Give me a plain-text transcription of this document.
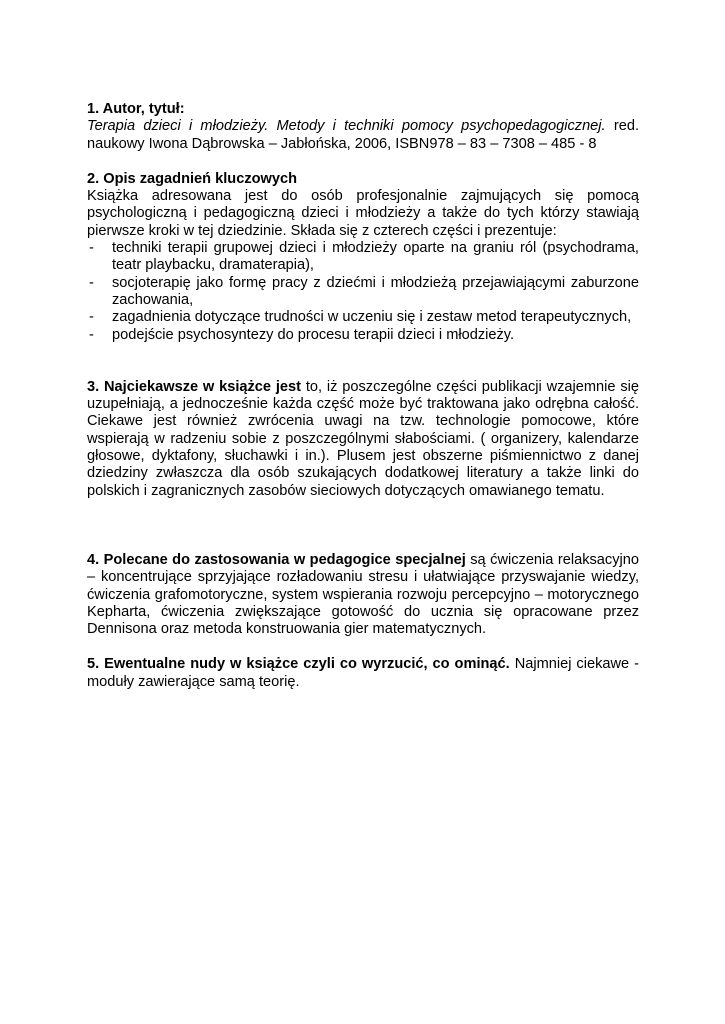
1. Autor, tytuł:
Terapia dzieci i młodzieży. Metody i techniki pomocy psychopedagogicznej. red. naukowy Iwona Dąbrowska – Jabłońska, 2006, ISBN978 – 83 – 7308 – 485 - 8
2. Opis zagadnień kluczowych
Książka adresowana jest do osób profesjonalnie zajmujących się pomocą psychologiczną i pedagogiczną dzieci i młodzieży a także do tych którzy stawiają pierwsze kroki w tej dziedzinie. Składa się z czterech części i prezentuje:
- techniki terapii grupowej dzieci i młodzieży oparte na graniu ról (psychodrama, teatr playbacku, dramaterapia),
- socjoterapię jako formę pracy z dziećmi i młodzieżą przejawiającymi zaburzone zachowania,
- zagadnienia dotyczące trudności w uczeniu się i zestaw metod terapeutycznych,
- podejście psychosyntezy do procesu terapii dzieci i młodzieży.
3. Najciekawsze w książce jest to, iż poszczególne części publikacji wzajemnie się uzupełniają, a jednocześnie każda część może być traktowana jako odrębna całość. Ciekawe jest również zwrócenia uwagi na tzw. technologie pomocowe, które wspierają w radzeniu sobie z poszczególnymi słabościami. ( organizery, kalendarze głosowe, dyktafony, słuchawki i in.). Plusem jest obszerne piśmiennictwo z danej dziedziny zwłaszcza dla osób szukających dodatkowej literatury a także linki do polskich i zagranicznych zasobów sieciowych dotyczących omawianego tematu.
4. Polecane do zastosowania w pedagogice specjalnej są ćwiczenia relaksacyjno – koncentrujące sprzyjające rozładowaniu stresu i ułatwiające przyswajanie wiedzy, ćwiczenia grafomotoryczne, system wspierania rozwoju percepcyjno – motorycznego Kepharta, ćwiczenia zwiększające gotowość do ucznia się opracowane przez Dennisona oraz metoda konstruowania gier matematycznych.
5. Ewentualne nudy w książce czyli co wyrzucić, co ominąć. Najmniej ciekawe - moduły zawierające samą teorię.
